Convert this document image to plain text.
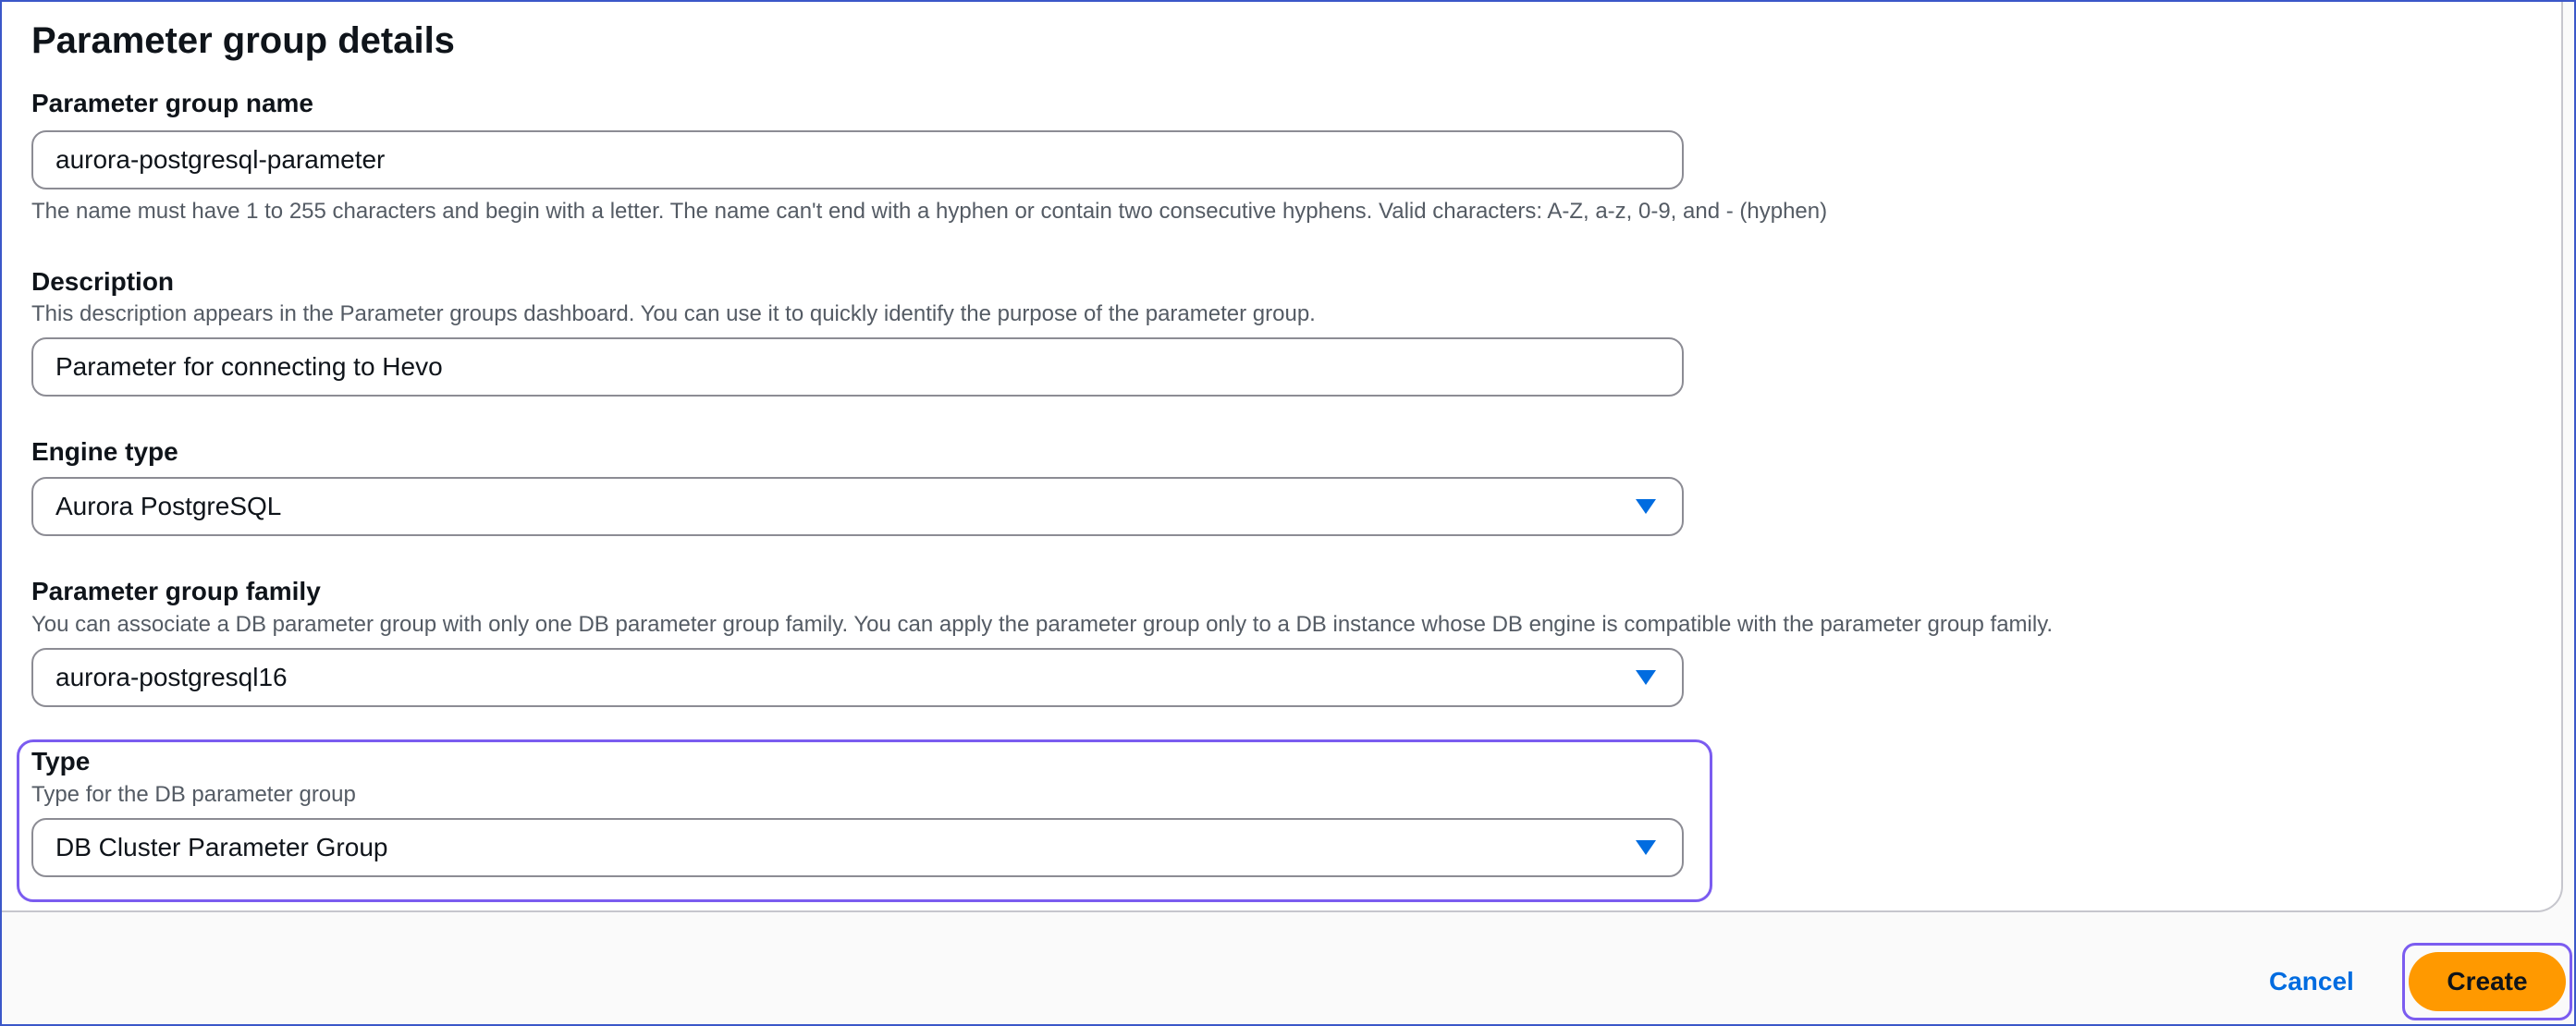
Parameter group details
Parameter group name
aurora-postgresql-parameter
The name must have 1 to 255 characters and begin with a letter. The name can't end with a hyphen or contain two consecutive hyphens. Valid characters: A-Z, a-z, 0-9, and - (hyphen)
Description
This description appears in the Parameter groups dashboard. You can use it to quickly identify the purpose of the parameter group.
Parameter for connecting to Hevo
Engine type
Aurora PostgreSQL
Parameter group family
You can associate a DB parameter group with only one DB parameter group family. You can apply the parameter group only to a DB instance whose DB engine is compatible with the parameter group family.
aurora-postgresql16
Type
Type for the DB parameter group
DB Cluster Parameter Group
Cancel	Create
